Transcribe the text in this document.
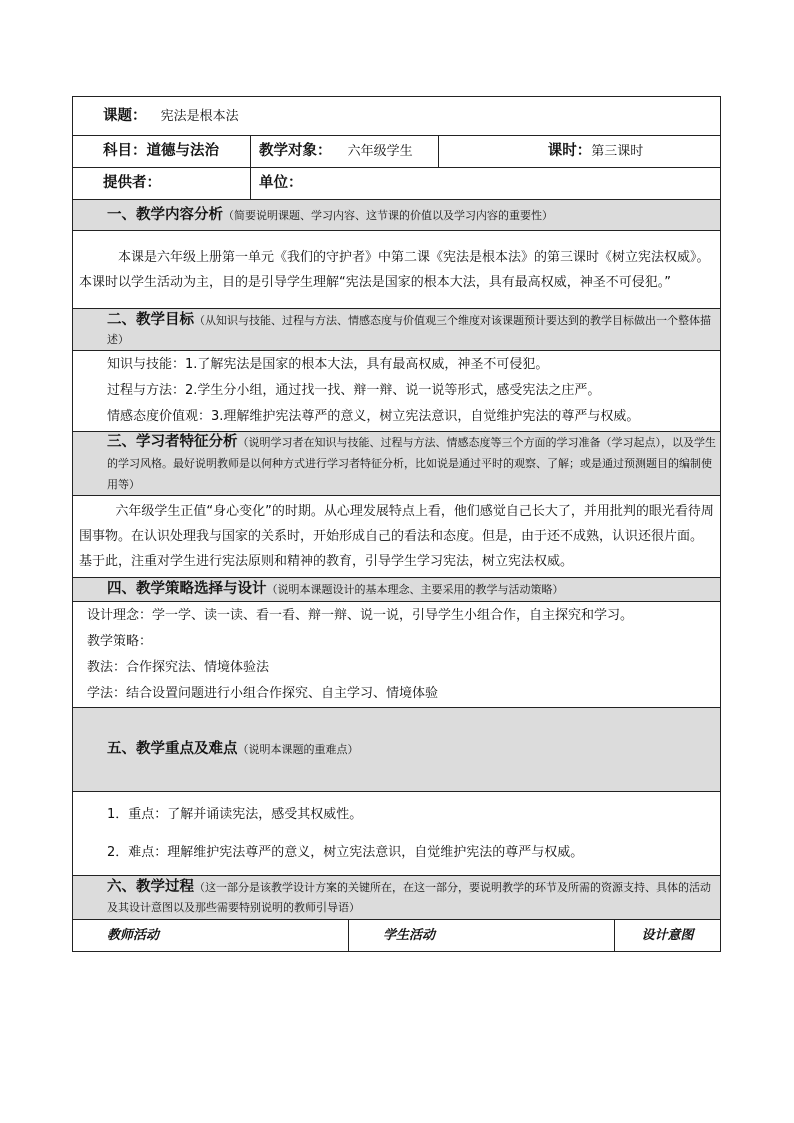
课题： 宪法是根本法				
科目：道德与法治	教学对象： 六年级学生		课时：第三课时	
提供者：	单位：			
一、教学内容分析（简要说明课题、学习内容、这节课的价值以及学习内容的重要性）				
本课是六年级上册第一单元《我们的守护者》中第二课《宪法是根本法》的第三课时《树立宪法权威》。本课时以学生活动为主，目的是引导学生理解“宪法是国家的根本大法，具有最高权威，神圣不可侵犯。”				
二、教学目标（从知识与技能、过程与方法、情感态度与价值观三个维度对该课题预计要达到的教学目标做出一个整体描述）				

知识与技能：1.了解宪法是国家的根本大法，具有最高权威，神圣不可侵犯。
过程与方法：2.学生分小组，通过找一找、辩一辩、说一说等形式，感受宪法之庄严。
情感态度价值观：3.理解维护宪法尊严的意义，树立宪法意识，自觉维护宪法的尊严与权威。				

三、学习者特征分析（说明学习者在知识与技能、过程与方法、情感态度等三个方面的学习准备（学习起点），以及学生的学习风格。最好说明教师是以何种方式进行学习者特征分析，比如说是通过平时的观察、了解；或是通过预测题目的编制使用等）				
六年级学生正值“身心变化”的时期。从心理发展特点上看，他们感觉自己长大了，并用批判的眼光看待周围事物。在认识处理我与国家的关系时，开始形成自己的看法和态度。但是，由于还不成熟，认识还很片面。基于此，注重对学生进行宪法原则和精神的教育，引导学生学习宪法，树立宪法权威。				
四、教学策略选择与设计（说明本课题设计的基本理念、主要采用的教学与活动策略）				

设计理念：学一学、读一读、看一看、辩一辩、说一说，引导学生小组合作，自主探究和学习。
教学策略：
教法：合作探究法、情境体验法
学法：结合设置问题进行小组合作探究、自主学习、情境体验				

五、教学重点及难点（说明本课题的重难点）				

1．重点：了解并诵读宪法，感受其权威性。
2．难点：理解维护宪法尊严的意义，树立宪法意识，自觉维护宪法的尊严与权威。				

六、教学过程（这一部分是该教学设计方案的关键所在，在这一部分，要说明教学的环节及所需的资源支持、具体的活动及其设计意图以及那些需要特别说明的教师引导语）				
教师活动		学生活动		设计意图
